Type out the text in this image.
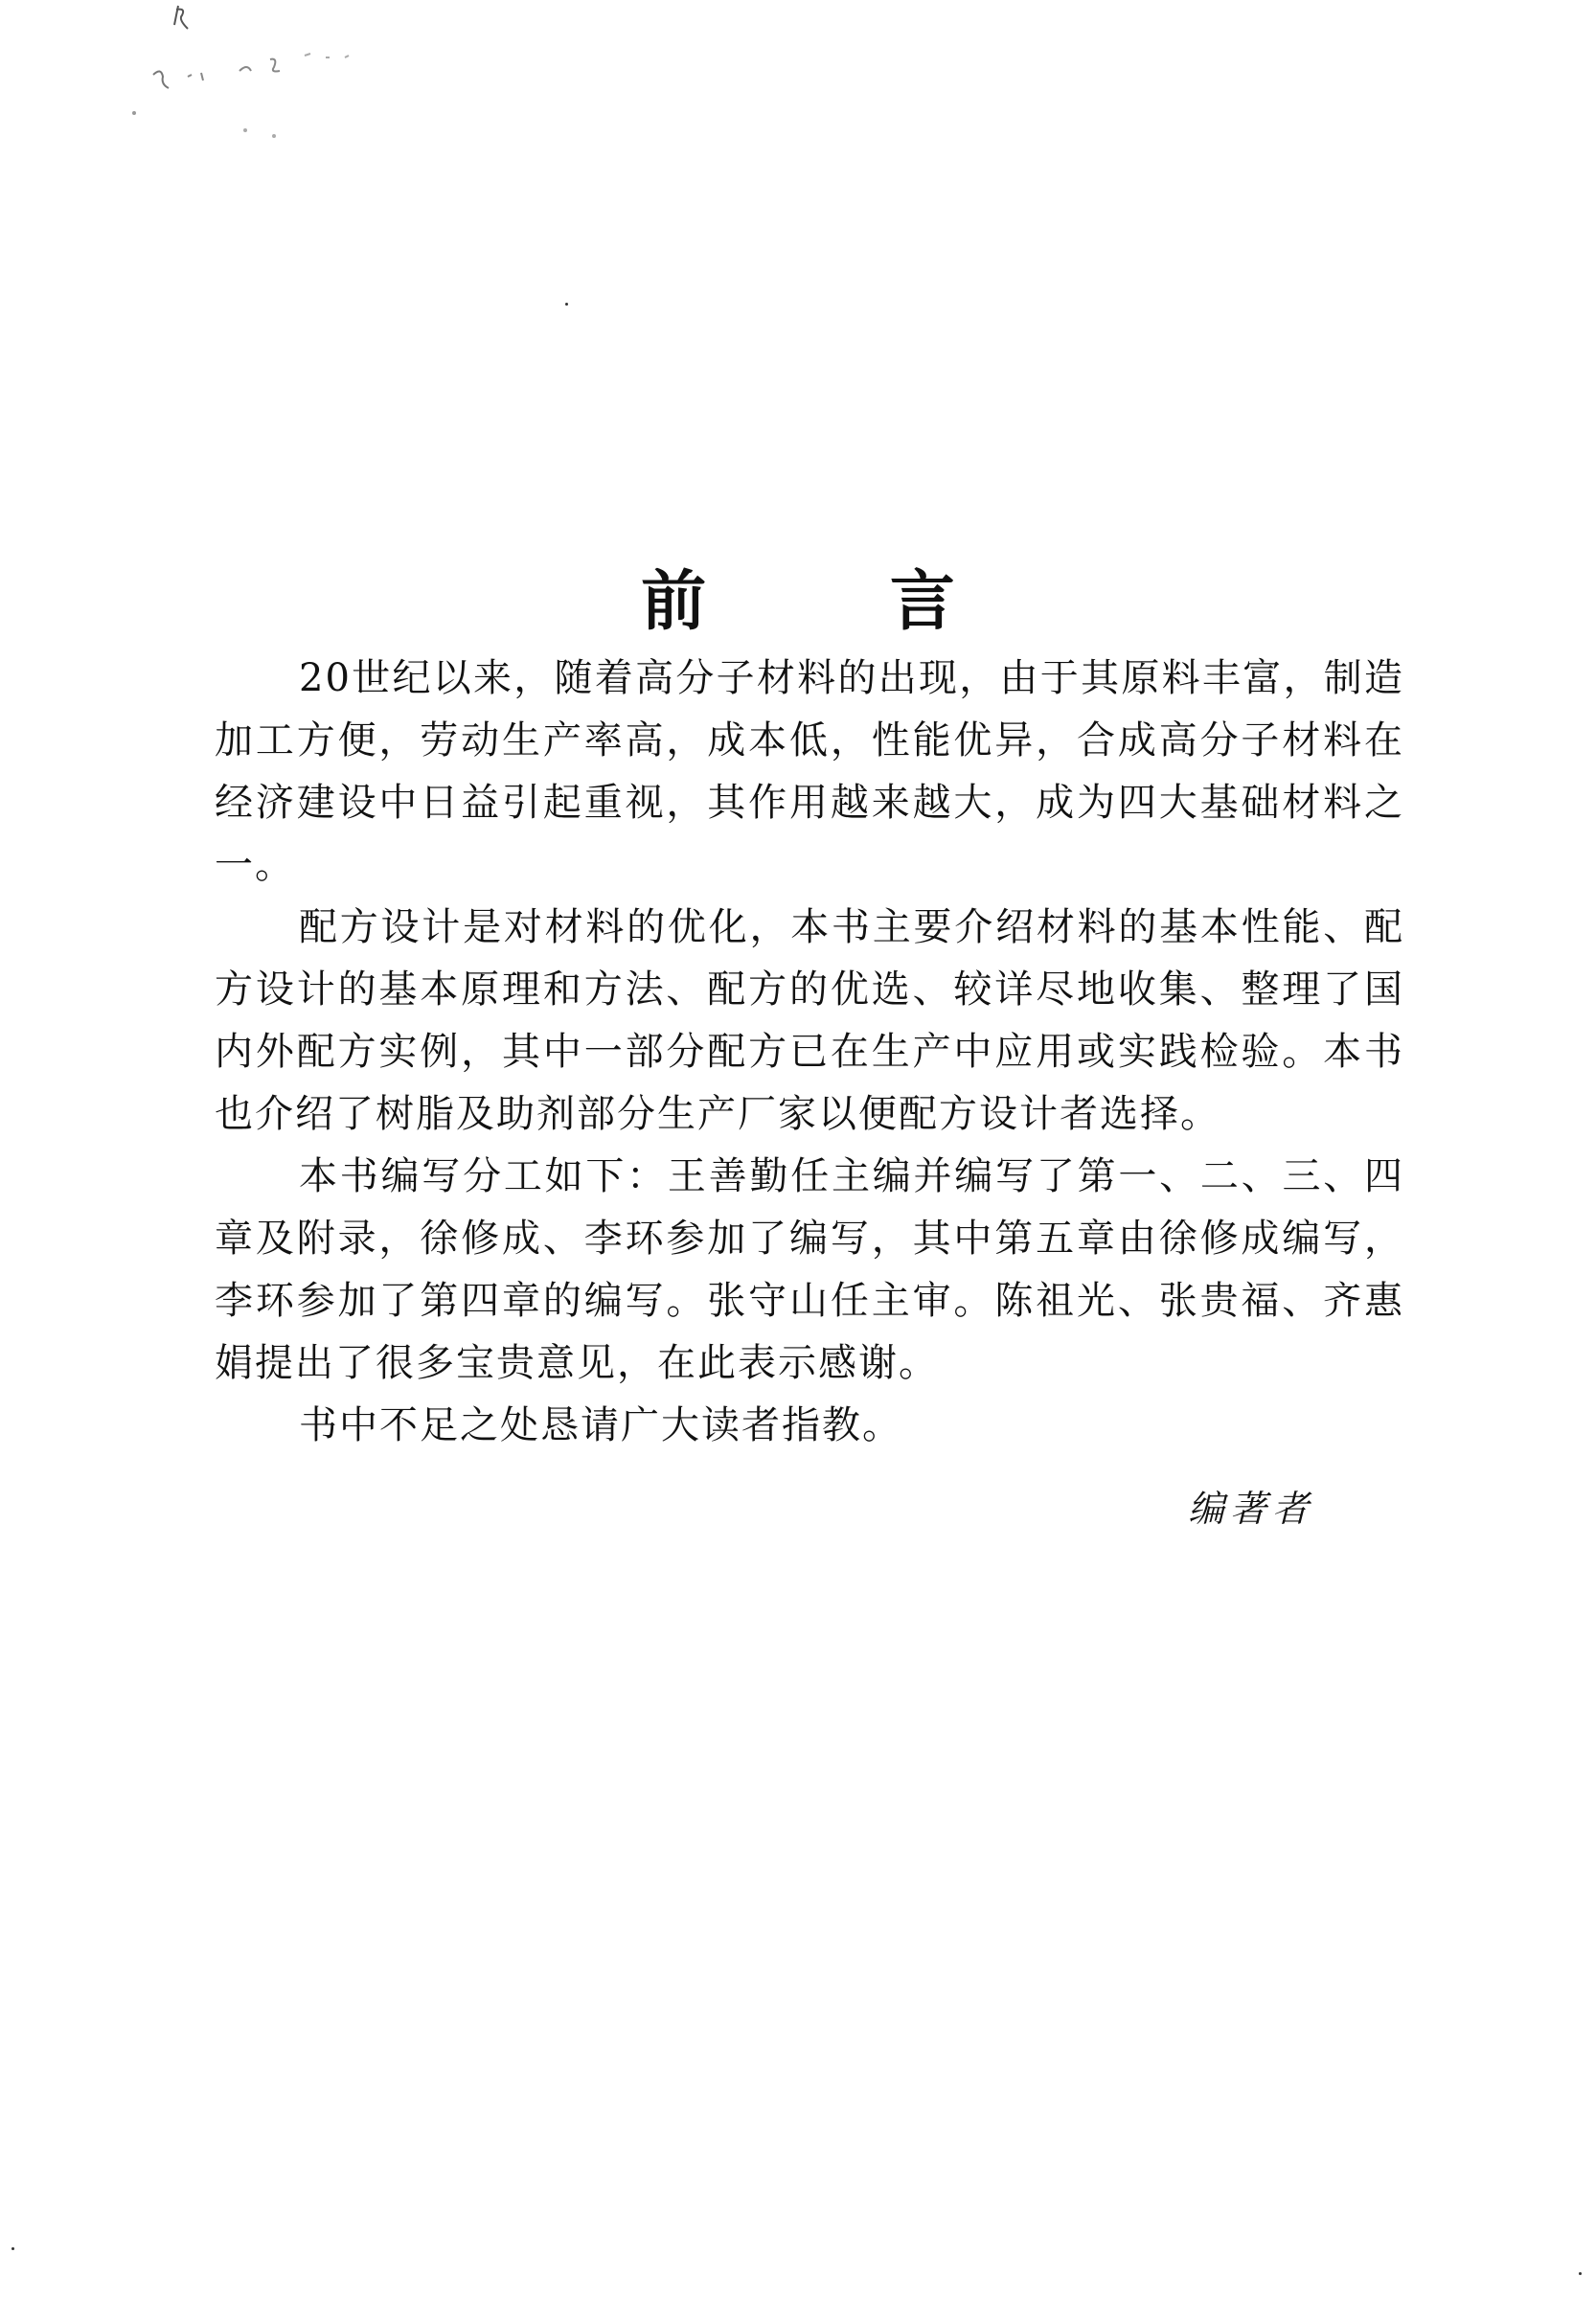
前 言

20世纪以来，随着高分子材料的出现，由于其原料丰富，制造加工方便，劳动生产率高，成本低，性能优异，合成高分子材料在经济建设中日益引起重视，其作用越来越大，成为四大基础材料之一。

配方设计是对材料的优化，本书主要介绍材料的基本性能、配方设计的基本原理和方法、配方的优选、较详尽地收集、整理了国内外配方实例，其中一部分配方已在生产中应用或实践检验。本书也介绍了树脂及助剂部分生产厂家以便配方设计者选择。

本书编写分工如下：王善勤任主编并编写了第一、二、三、四章及附录，徐修成、李环参加了编写，其中第五章由徐修成编写，李环参加了第四章的编写。张守山任主审。陈祖光、张贵福、齐惠娟提出了很多宝贵意见，在此表示感谢。

书中不足之处恳请广大读者指教。

编著者
